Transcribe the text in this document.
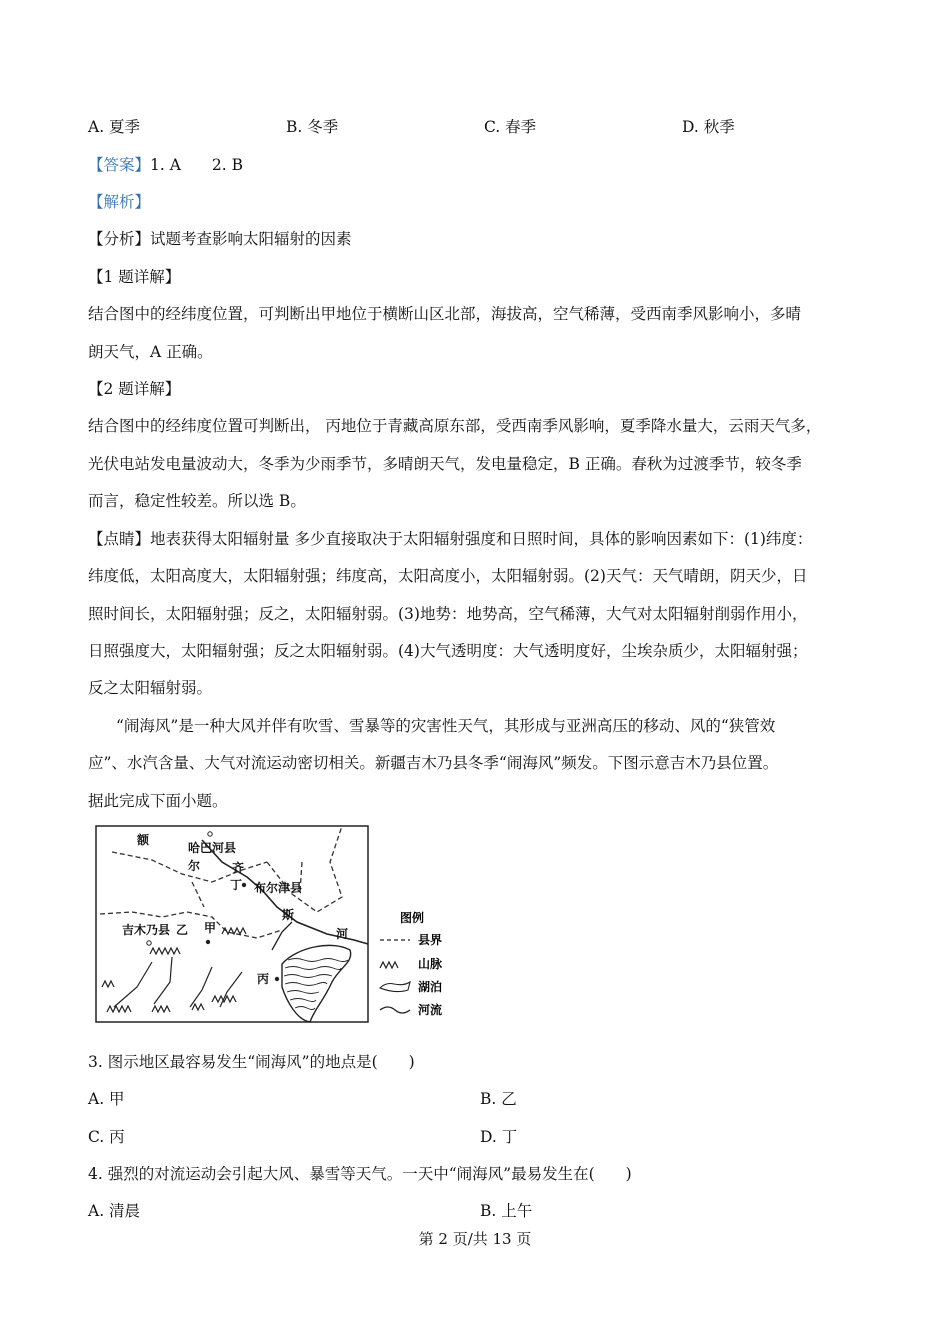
A. 夏季	B. 冬季	C. 春季	D. 秋季
【答案】1. A　　2. B
【解析】
【分析】试题考查影响太阳辐射的因素
【1 题详解】
结合图中的经纬度位置，可判断出甲地位于横断山区北部，海拔高，空气稀薄，受西南季风影响小，多晴
朗天气，A 正确。
【2 题详解】
结合图中的经纬度位置可判断出， 丙地位于青藏高原东部，受西南季风影响，夏季降水量大，云雨天气多，
光伏电站发电量波动大，冬季为少雨季节，多晴朗天气，发电量稳定，B 正确。春秋为过渡季节，较冬季
而言，稳定性较差。所以选 B。
【点睛】地表获得太阳辐射量 多少直接取决于太阳辐射强度和日照时间，具体的影响因素如下：(1)纬度：
纬度低，太阳高度大，太阳辐射强；纬度高，太阳高度小，太阳辐射弱。(2)天气：天气晴朗，阴天少，日
照时间长，太阳辐射强；反之，太阳辐射弱。(3)地势：地势高，空气稀薄，大气对太阳辐射削弱作用小，
日照强度大，太阳辐射强；反之太阳辐射弱。(4)大气透明度：大气透明度好，尘埃杂质少，太阳辐射强；
反之太阳辐射弱。
“闹海风”是一种大风并伴有吹雪、雪暴等的灾害性天气，其形成与亚洲高压的移动、风的“狭管效
应”、水汽含量、大气对流运动密切相关。新疆吉木乃县冬季“闹海风”频发。下图示意吉木乃县位置。
据此完成下面小题。
额
哈巴河县
尔	齐
丁 布尔津县
斯
河
吉木乃县 乙 甲
丙
图例
县界
山脉
湖泊
河流
3. 图示地区最容易发生“闹海风”的地点是(　　)
A. 甲	B. 乙
C. 丙	D. 丁
4. 强烈的对流运动会引起大风、暴雪等天气。一天中“闹海风”最易发生在(　　)
A. 清晨	B. 上午
第 2 页/共 13 页
